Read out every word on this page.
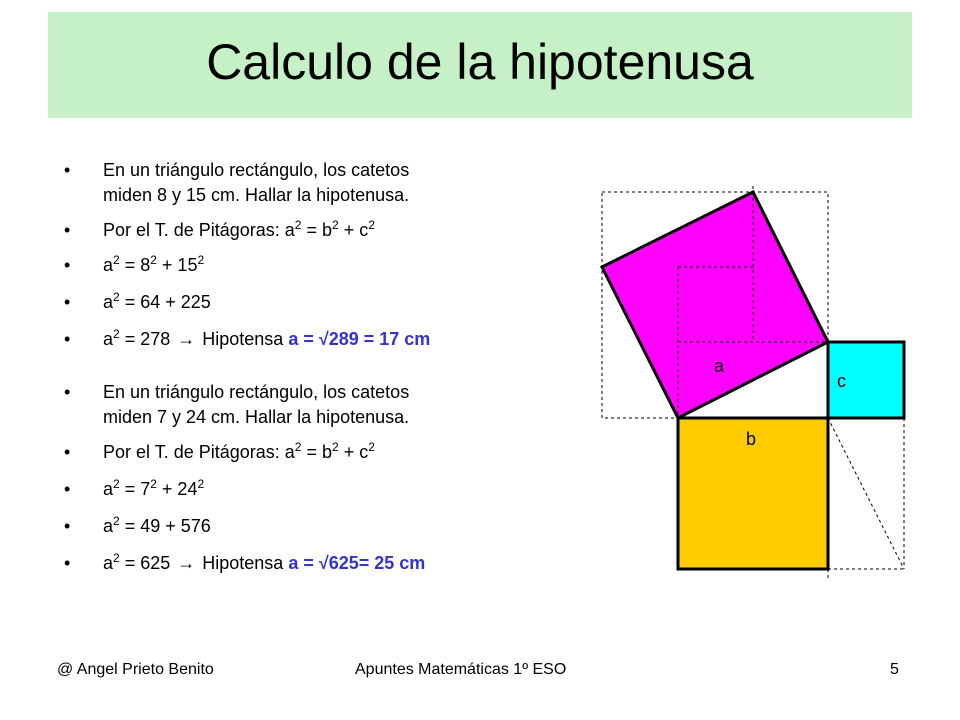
Calculo de la hipotenusa
• En un triángulo rectángulo, los catetos
miden 8 y 15 cm. Hallar la hipotenusa.
• Por el T. de Pitágoras: $a^2 = b^2 + c^2$
• $a^2 = 8^2 + 15^2$
• $a^2 = 64 + 225$
• $a^2 = 278$ → Hipotensa a = √289 = 17 cm
• En un triángulo rectángulo, los catetos
miden 7 y 24 cm. Hallar la hipotenusa.
• Por el T. de Pitágoras: $a^2 = b^2 + c^2$
• $a^2 = 7^2 + 24^2$
• $a^2 = 49 + 576$
• $a^2 = 625$ → Hipotensa a = √625= 25 cm
a
b
c
@ Angel Prieto Benito	Apuntes Matemáticas 1º ESO	5
